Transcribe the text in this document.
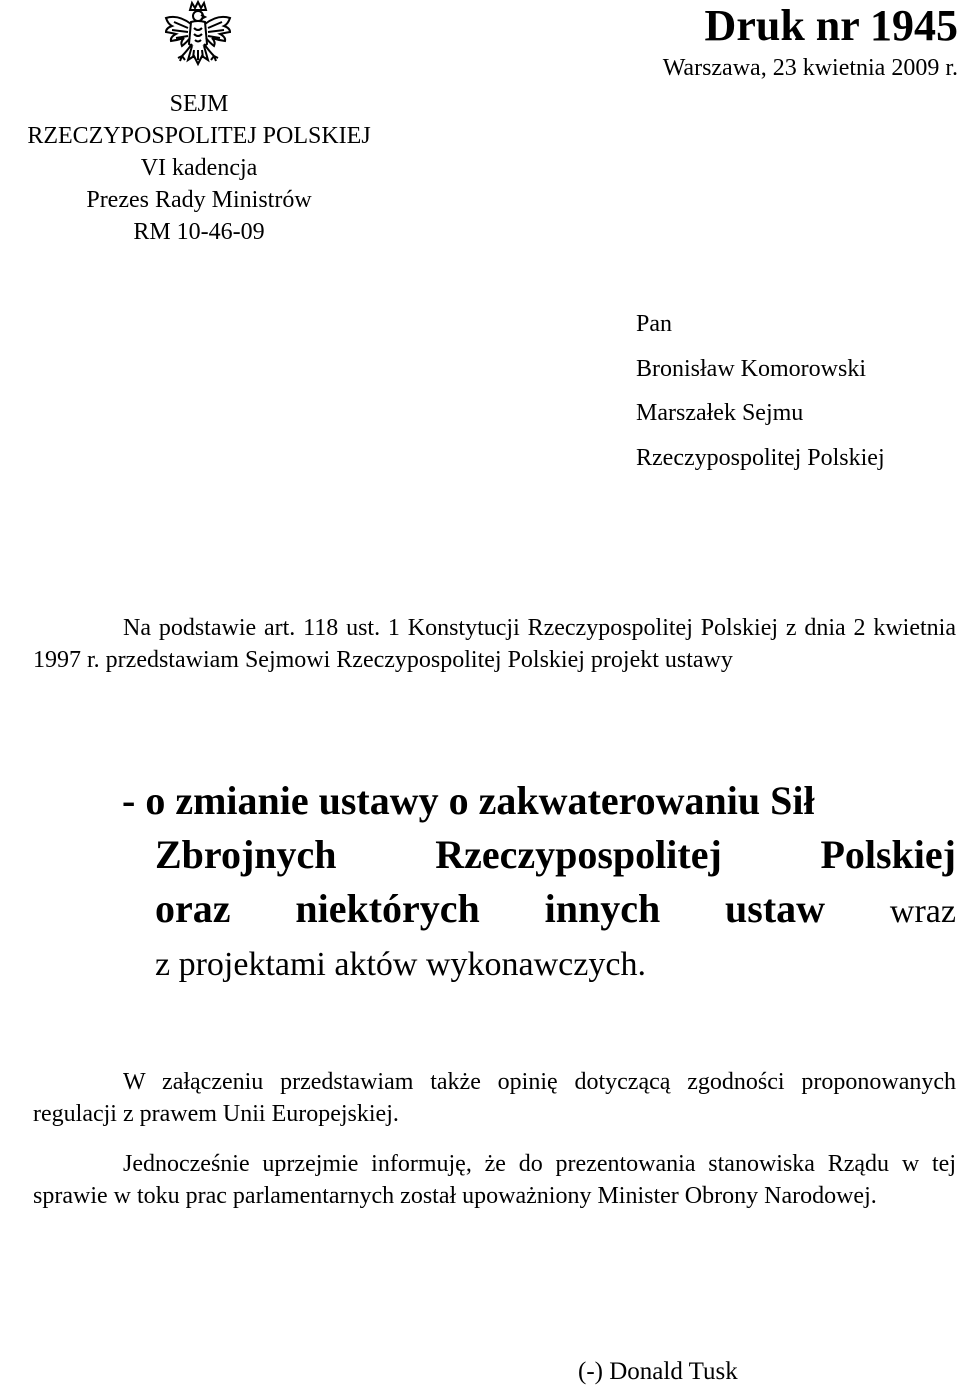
SEJM
RZECZYPOSPOLITEJ POLSKIEJ
VI kadencja
Prezes Rady Ministrów
RM 10-46-09
Druk nr 1945
Warszawa, 23 kwietnia 2009 r.
Pan
Bronisław Komorowski
Marszałek Sejmu
Rzeczypospolitej Polskiej

Na podstawie art. 118 ust. 1 Konstytucji Rzeczypospolitej Polskiej z dnia 2 kwietnia 1997 r. przedstawiam Sejmowi Rzeczypospolitej Polskiej projekt ustawy

- o zmianie ustawy o zakwaterowaniu Sił
Zbrojnych Rzeczypospolitej Polskiej
oraz niektórych innych ustaw wraz
z projektami aktów wykonawczych.

W załączeniu przedstawiam także opinię dotyczącą zgodności proponowanych regulacji z prawem Unii Europejskiej.

Jednocześnie uprzejmie informuję, że do prezentowania stanowiska Rządu w tej sprawie w toku prac parlamentarnych został upoważniony Minister Obrony Narodowej.

(-) Donald Tusk
